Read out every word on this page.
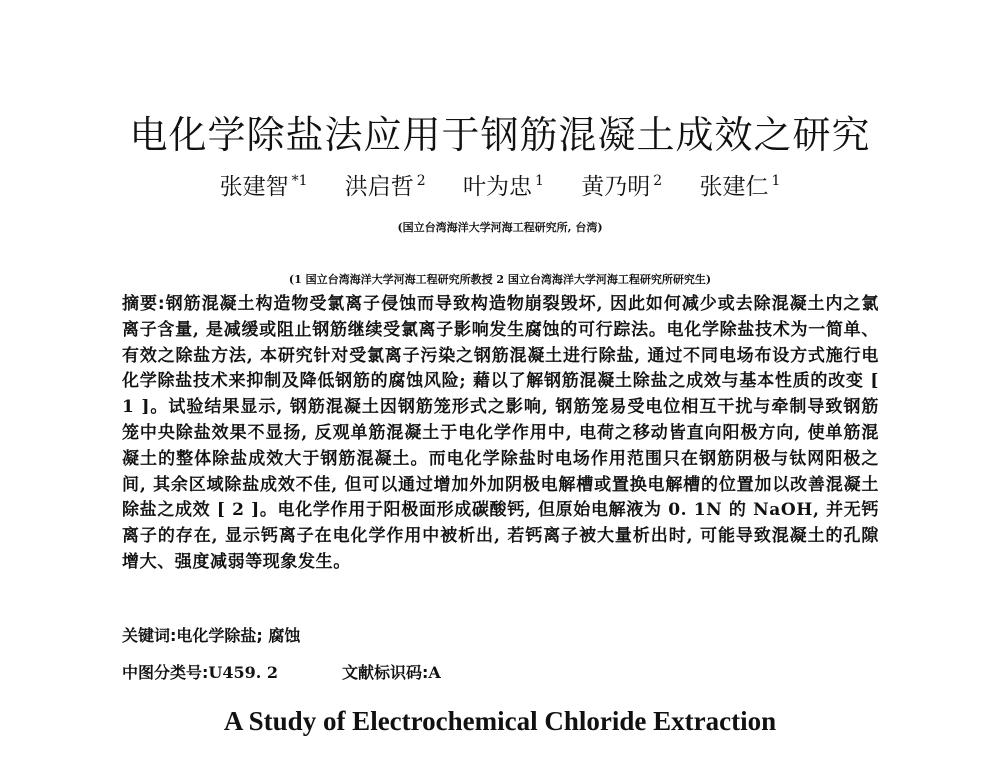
电化学除盐法应用于钢筋混凝土成效之研究
张建智 $^{*1}$ 洪启哲 $^2$ 叶为忠 $^1$ 黄乃明 $^2$ 张建仁 $^1$

(国立台湾海洋大学河海工程研究所, 台湾)

(1 国立台湾海洋大学河海工程研究所教授 2 国立台湾海洋大学河海工程研究所研究生)

摘要:钢筋混凝土构造物受氯离子侵蚀而导致构造物崩裂毁坏, 因此如何减少或去除混凝土内之氯离子含量, 是减缓或阻止钢筋继续受氯离子影响发生腐蚀的可行踪法。电化学除盐技术为一简单、有效之除盐方法, 本研究针对受氯离子污染之钢筋混凝土进行除盐, 通过不同电场布设方式施行电化学除盐技术来抑制及降低钢筋的腐蚀风险; 藉以了解钢筋混凝土除盐之成效与基本性质的改变 [ 1 ]。试验结果显示, 钢筋混凝土因钢筋笼形式之影响, 钢筋笼易受电位相互干扰与牵制导致钢筋笼中央除盐效果不显扬, 反观单筋混凝土于电化学作用中, 电荷之移动皆直向阳极方向, 使单筋混凝土的整体除盐成效大于钢筋混凝土。而电化学除盐时电场作用范围只在钢筋阴极与钛网阳极之间, 其余区域除盐成效不佳, 但可以通过增加外加阴极电解槽或置换电解槽的位置加以改善混凝土除盐之成效 [ 2 ]。电化学作用于阳极面形成碳酸钙, 但原始电解液为 0. 1N 的 NaOH, 并无钙离子的存在, 显示钙离子在电化学作用中被析出, 若钙离子被大量析出时, 可能导致混凝土的孔隙增大、强度减弱等现象发生。

关键词:电化学除盐; 腐蚀

中图分类号:U459. 2	文献标识码:A
A Study of Electrochemical Chloride Extraction
